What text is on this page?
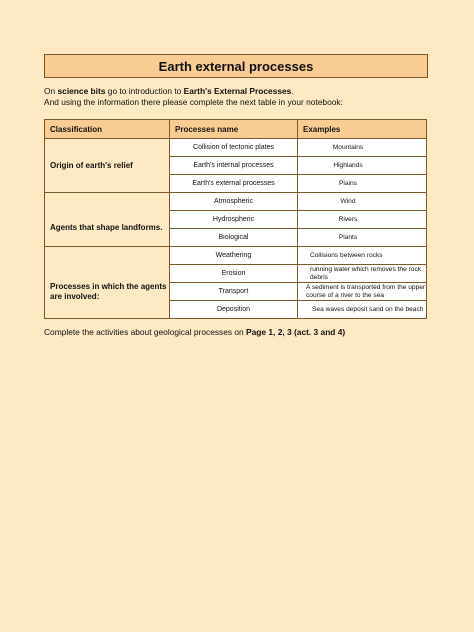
Earth external processes
On science bits go to introduction to Earth's External Processes.
And using the information there please complete the next table in your notebook:
Classification	Processes name	Examples
Origin of earth's relief	Collision of tectonic plates	Mountains

	Earth's internal processes	Highlands

	Earth's external processes	Plains

Agents that shape landforms.	Atmospheric	Wind

	Hydrospheric	Rivers

	Biological	Plants

Processes in which the agents are involved:	Weathering	Collisions between rocks

	Erosion	running water which removes the rock debris

	Transport	A sediment is transported from the upper course of a river to the sea

	Deposition	Sea waves deposit sand on the beach
Complete the activities about geological processes on Page 1, 2, 3 (act. 3 and 4)
